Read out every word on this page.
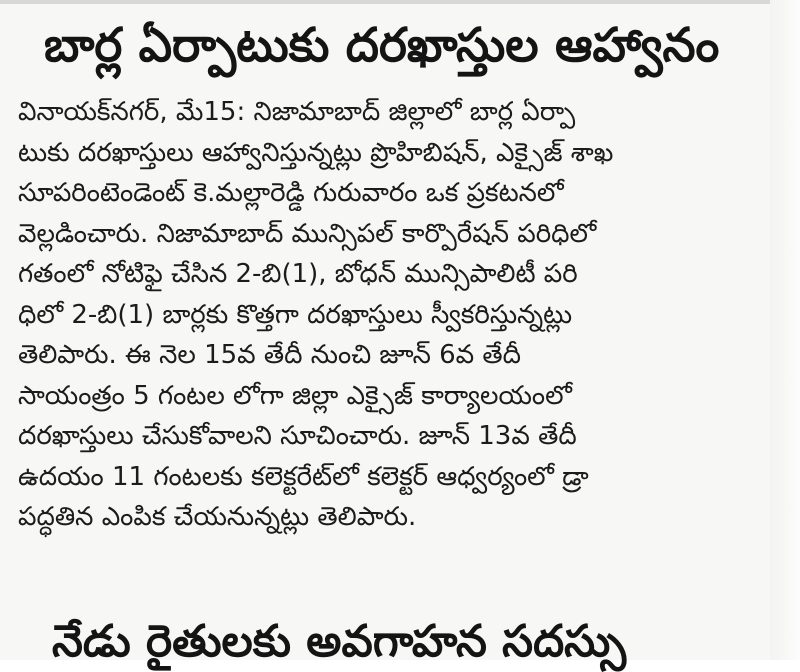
బార్ల ఏర్పాటుకు దరఖాస్తుల ఆహ్వానం
వినాయక్‌నగర్, మే15: నిజామాబాద్ జిల్లాలో బార్ల ఏర్పా
టుకు దరఖాస్తులు ఆహ్వానిస్తున్నట్లు ప్రొహిబిషన్, ఎక్సైజ్ శాఖ
సూపరింటెండెంట్ కె.మల్లారెడ్డి గురువారం ఒక ప్రకటనలో
వెల్లడించారు. నిజామాబాద్ మున్సిపల్ కార్పొరేషన్ పరిధిలో
గతంలో నోటిఫై చేసిన 2-బి(1), బోధన్ మున్సిపాలిటీ పరి
ధిలో 2-బి(1) బార్లకు కొత్తగా దరఖాస్తులు స్వీకరిస్తున్నట్లు
తెలిపారు. ఈ నెల 15వ తేదీ నుంచి జూన్ 6వ తేదీ
సాయంత్రం 5 గంటల లోగా జిల్లా ఎక్సైజ్ కార్యాలయంలో
దరఖాస్తులు చేసుకోవాలని సూచించారు. జూన్ 13వ తేదీ
ఉదయం 11 గంటలకు కలెక్టరేట్‌లో కలెక్టర్ ఆధ్వర్యంలో డ్రా
పద్ధతిన ఎంపిక చేయనున్నట్లు తెలిపారు.
నేడు రైతులకు అవగాహన సదస్సు
